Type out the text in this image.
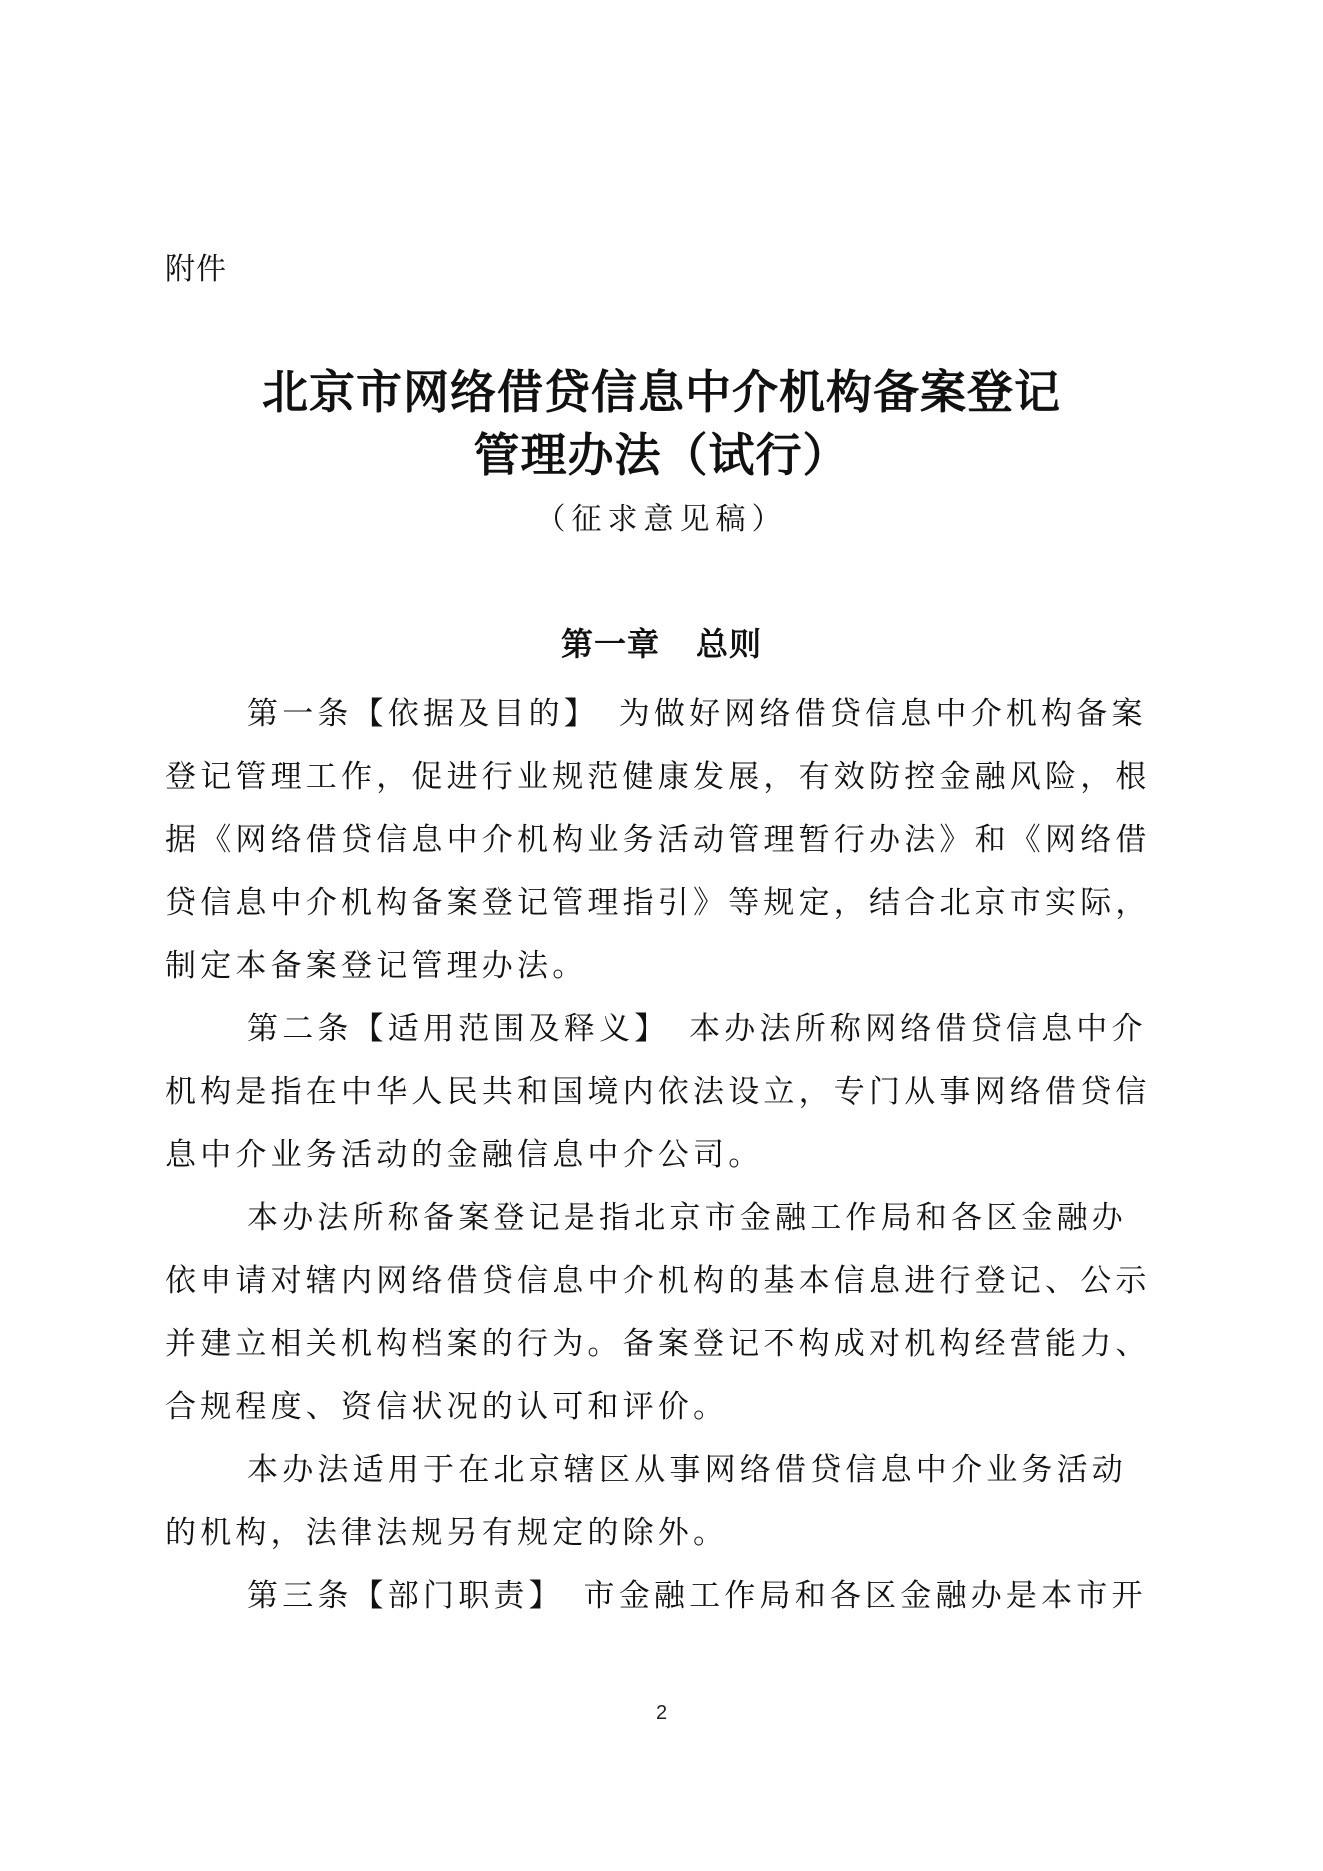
附件
北京市网络借贷信息中介机构备案登记
管理办法（试行）
（征求意见稿）
第一章 总则
第一条【依据及目的】　为做好网络借贷信息中介机构备案
登记管理工作，促进行业规范健康发展，有效防控金融风险，根
据《网络借贷信息中介机构业务活动管理暂行办法》和《网络借
贷信息中介机构备案登记管理指引》等规定，结合北京市实际，
制定本备案登记管理办法。
第二条【适用范围及释义】　本办法所称网络借贷信息中介
机构是指在中华人民共和国境内依法设立，专门从事网络借贷信
息中介业务活动的金融信息中介公司。
本办法所称备案登记是指北京市金融工作局和各区金融办
依申请对辖内网络借贷信息中介机构的基本信息进行登记、公示
并建立相关机构档案的行为。备案登记不构成对机构经营能力、
合规程度、资信状况的认可和评价。
本办法适用于在北京辖区从事网络借贷信息中介业务活动
的机构，法律法规另有规定的除外。
第三条【部门职责】　市金融工作局和各区金融办是本市开
2
